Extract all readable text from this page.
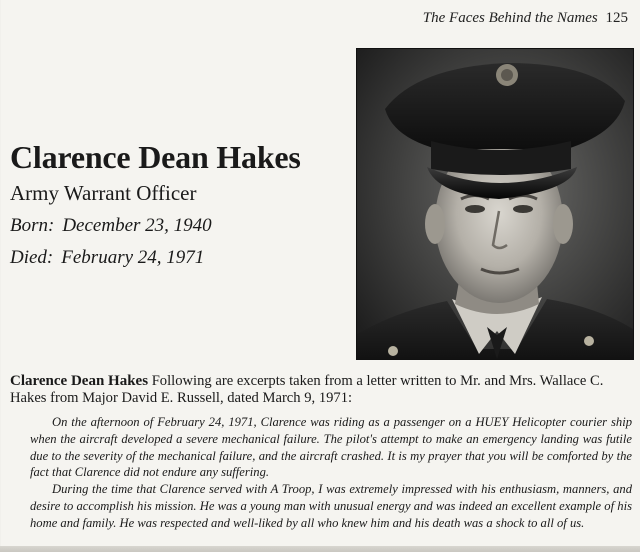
The Faces Behind the Names 125
Clarence Dean Hakes
Army Warrant Officer
Born: December 23, 1940
Died: February 24, 1971
Clarence Dean Hakes Following are excerpts taken from a letter written to Mr. and Mrs. Wallace C. Hakes from Major David E. Russell, dated March 9, 1971:

On the afternoon of February 24, 1971, Clarence was riding as a passenger on a HUEY Helicopter courier ship when the aircraft developed a severe mechanical failure. The pilot's attempt to make an emergency landing was futile due to the severity of the mechanical failure, and the aircraft crashed. It is my prayer that you will be comforted by the fact that Clarence did not endure any suffering.

During the time that Clarence served with A Troop, I was extremely impressed with his enthusiasm, manners, and desire to accomplish his mission. He was a young man with unusual energy and was indeed an excellent example of his home and family. He was respected and well-liked by all who knew him and his death was a shock to all of us.
